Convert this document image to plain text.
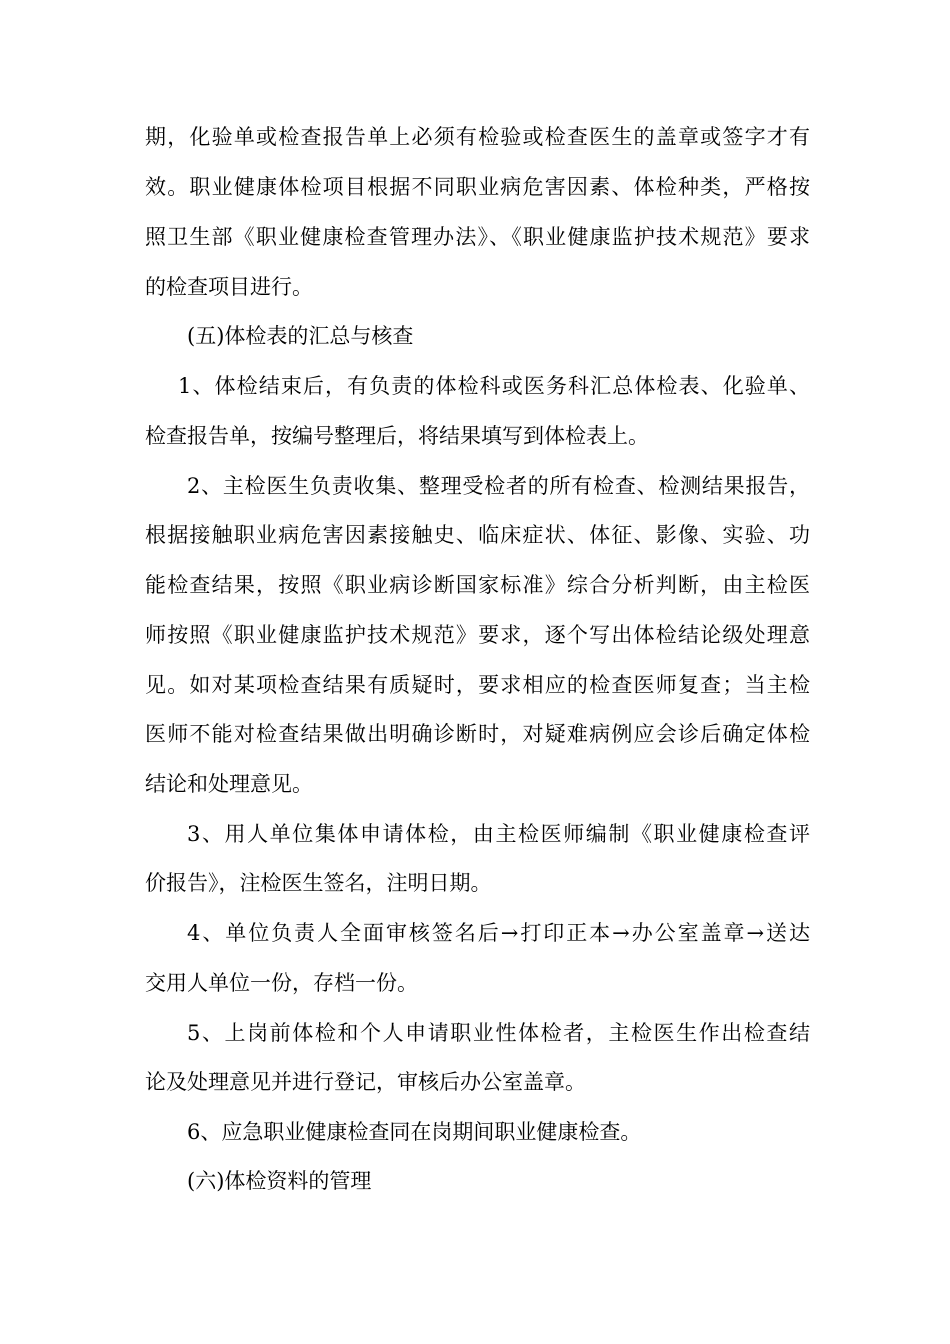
期，化验单或检查报告单上必须有检验或检查医生的盖章或签字才有
效。职业健康体检项目根据不同职业病危害因素、体检种类，严格按
照卫生部《职业健康检查管理办法》、《职业健康监护技术规范》要求
的检查项目进行。
(五)体检表的汇总与核查
1、体检结束后，有负责的体检科或医务科汇总体检表、化验单、
检查报告单，按编号整理后，将结果填写到体检表上。
2、主检医生负责收集、整理受检者的所有检查、检测结果报告，
根据接触职业病危害因素接触史、临床症状、体征、影像、实验、功
能检查结果，按照《职业病诊断国家标准》综合分析判断，由主检医
师按照《职业健康监护技术规范》要求，逐个写出体检结论级处理意
见。如对某项检查结果有质疑时，要求相应的检查医师复查；当主检
医师不能对检查结果做出明确诊断时，对疑难病例应会诊后确定体检
结论和处理意见。
3、用人单位集体申请体检，由主检医师编制《职业健康检查评
价报告》，注检医生签名，注明日期。
4、单位负责人全面审核签名后→打印正本→办公室盖章→送达
交用人单位一份，存档一份。
5、上岗前体检和个人申请职业性体检者，主检医生作出检查结
论及处理意见并进行登记，审核后办公室盖章。
6、应急职业健康检查同在岗期间职业健康检查。
(六)体检资料的管理
